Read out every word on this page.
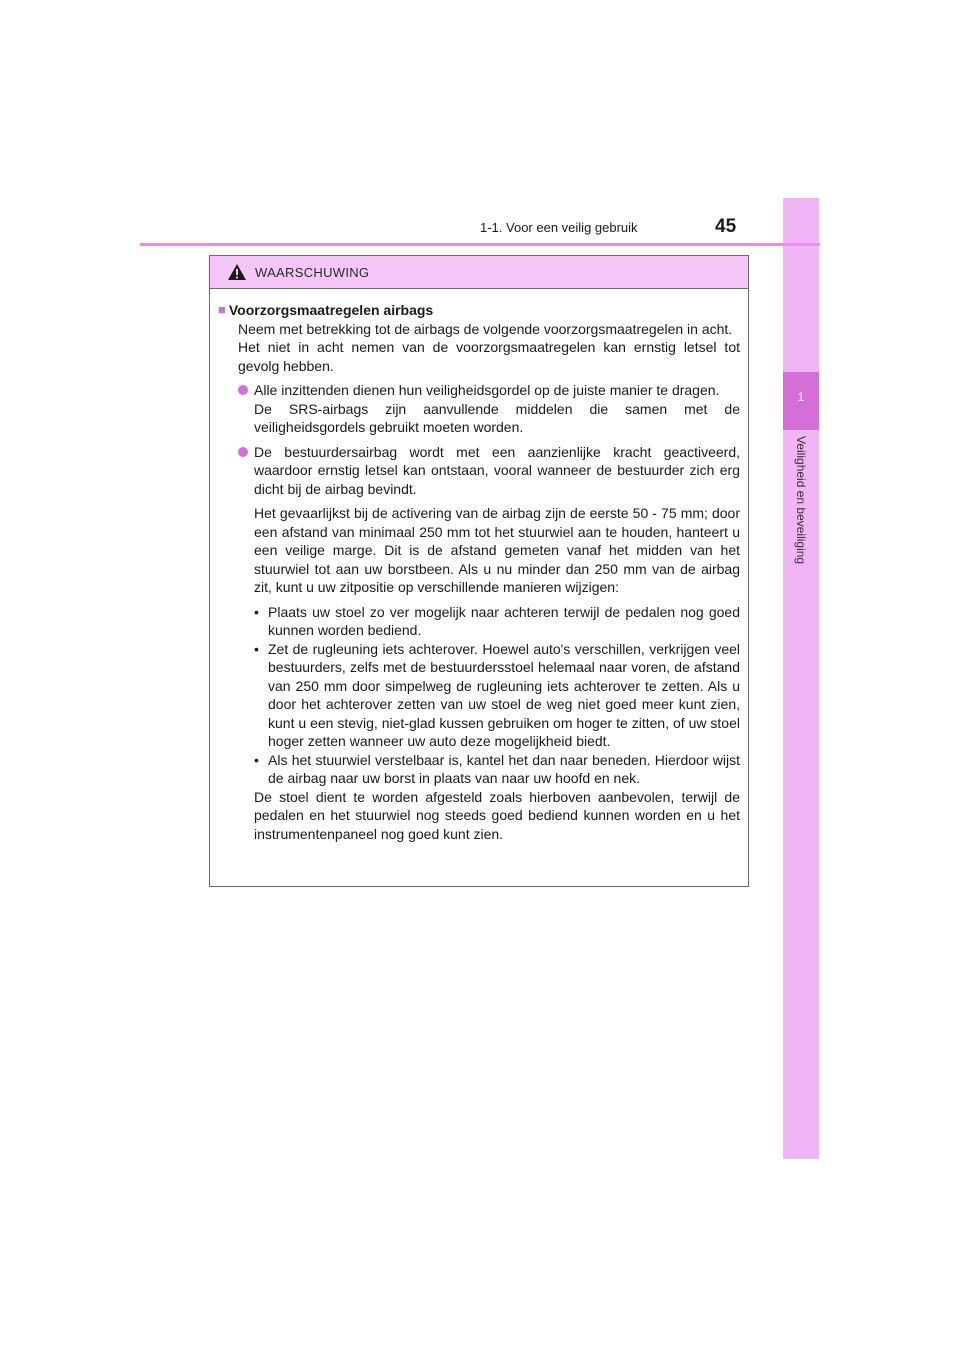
1
Veiligheid en beveiliging
1-1. Voor een veilig gebruik	45
WAARSCHUWING
■ Voorzorgsmaatregelen airbags

Neem met betrekking tot de airbags de volgende voorzorgsmaatregelen in acht.

Het niet in acht nemen van de voorzorgsmaatregelen kan ernstig letsel tot gevolg hebben.

Alle inzittenden dienen hun veiligheidsgordel op de juiste manier te dragen.
De SRS-airbags zijn aanvullende middelen die samen met de veiligheidsgordels gebruikt moeten worden.
De bestuurdersairbag wordt met een aanzienlijke kracht geactiveerd, waardoor ernstig letsel kan ontstaan, vooral wanneer de bestuurder zich erg dicht bij de airbag bevindt.
Het gevaarlijkst bij de activering van de airbag zijn de eerste 50 - 75 mm; door een afstand van minimaal 250 mm tot het stuurwiel aan te houden, hanteert u een veilige marge. Dit is de afstand gemeten vanaf het midden van het stuurwiel tot aan uw borstbeen. Als u nu minder dan 250 mm van de airbag zit, kunt u uw zitpositie op verschillende manieren wijzigen:
• Plaats uw stoel zo ver mogelijk naar achteren terwijl de pedalen nog goed kunnen worden bediend.
• Zet de rugleuning iets achterover. Hoewel auto's verschillen, verkrijgen veel bestuurders, zelfs met de bestuurdersstoel helemaal naar voren, de afstand van 250 mm door simpelweg de rugleuning iets achterover te zetten. Als u door het achterover zetten van uw stoel de weg niet goed meer kunt zien, kunt u een stevig, niet-glad kussen gebruiken om hoger te zitten, of uw stoel hoger zetten wanneer uw auto deze mogelijkheid biedt.
• Als het stuurwiel verstelbaar is, kantel het dan naar beneden. Hierdoor wijst de airbag naar uw borst in plaats van naar uw hoofd en nek.
De stoel dient te worden afgesteld zoals hierboven aanbevolen, terwijl de pedalen en het stuurwiel nog steeds goed bediend kunnen worden en u het instrumentenpaneel nog goed kunt zien.
